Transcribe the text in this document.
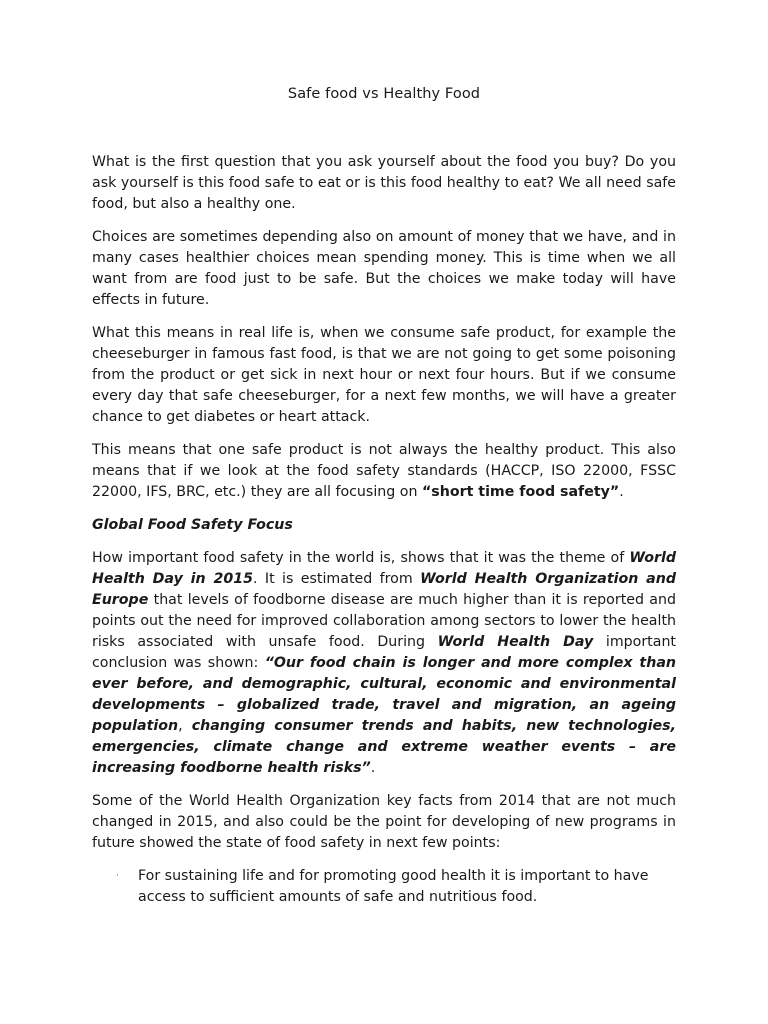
Safe food vs Healthy Food

What is the first question that you ask yourself about the food you buy? Do you ask yourself is this food safe to eat or is this food healthy to eat? We all need safe food, but also a healthy one.

Choices are sometimes depending also on amount of money that we have, and in many cases healthier choices mean spending money. This is time when we all want from are food just to be safe. But the choices we make today will have effects in future.

What this means in real life is, when we consume safe product, for example the cheeseburger in famous fast food, is that we are not going to get some poisoning from the product or get sick in next hour or next four hours. But if we consume every day that safe cheeseburger, for a next few months, we will have a greater chance to get diabetes or heart attack.

This means that one safe product is not always the healthy product. This also means that if we look at the food safety standards (HACCP, ISO 22000, FSSC 22000, IFS, BRC, etc.) they are all focusing on “short time food safety”.

Global Food Safety Focus

How important food safety in the world is, shows that it was the theme of World Health Day in 2015. It is estimated from World Health Organization and Europe that levels of foodborne disease are much higher than it is reported and points out the need for improved collaboration among sectors to lower the health risks associated with unsafe food. During World Health Day important conclusion was shown: “Our food chain is longer and more complex than ever before, and demographic, cultural, economic and environmental developments – globalized trade, travel and migration, an ageing population, changing consumer trends and habits, new technologies, emergencies, climate change and extreme weather events – are increasing foodborne health risks”.

Some of the World Health Organization key facts from 2014 that are not much changed in 2015, and also could be the point for developing of new programs in future showed the state of food safety in next few points:

· For sustaining life and for promoting good health it is important to have access to sufficient amounts of safe and nutritious food.
